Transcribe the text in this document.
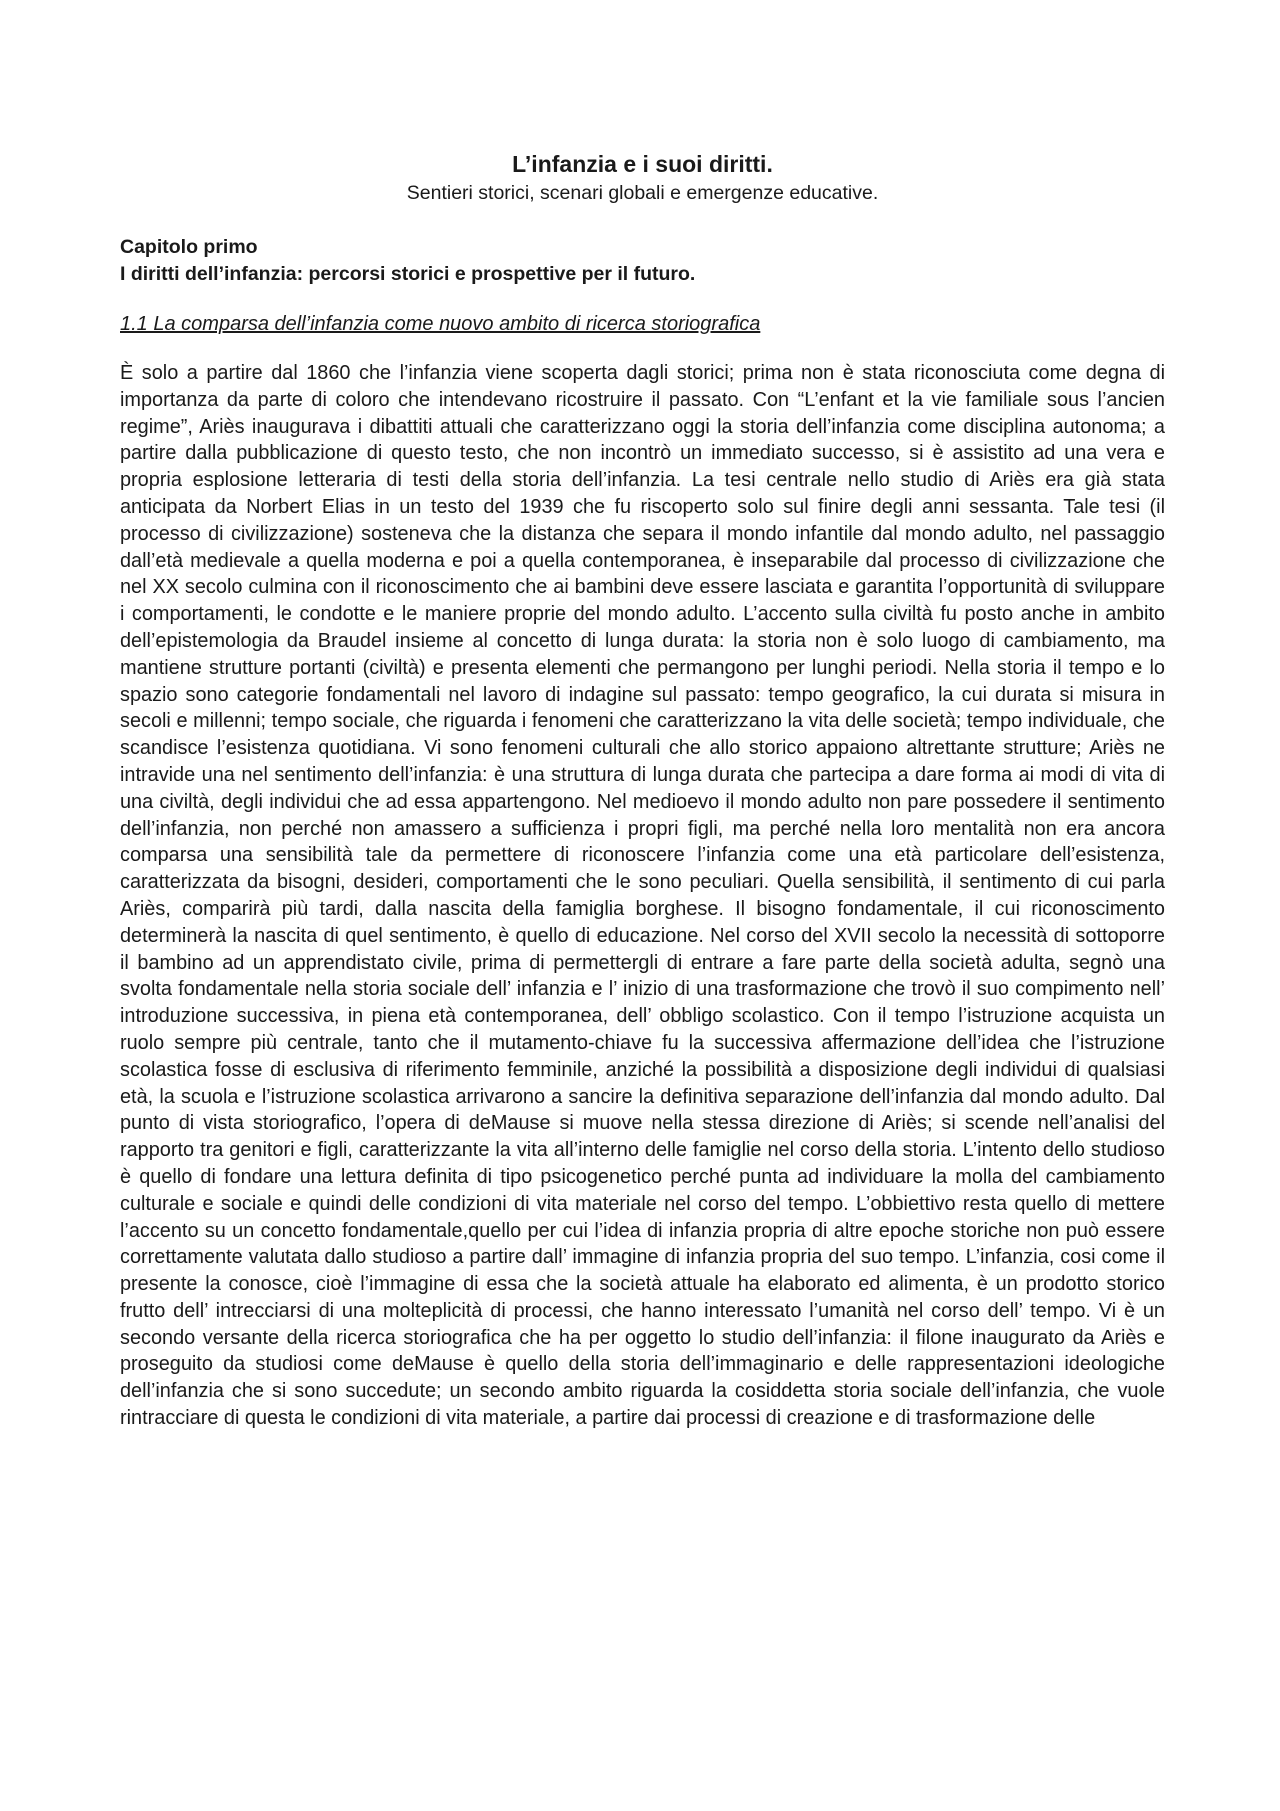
L’infanzia e i suoi diritti.
Sentieri storici, scenari globali e emergenze educative.
Capitolo primo
I diritti dell’infanzia: percorsi storici e prospettive per il futuro.
1.1 La comparsa dell’infanzia come nuovo ambito di ricerca storiografica

È solo a partire dal 1860 che l’infanzia viene scoperta dagli storici; prima non è stata riconosciuta come degna di importanza da parte di coloro che intendevano ricostruire il passato. Con “L’enfant et la vie familiale sous l’ancien regime”, Ariès inaugurava i dibattiti attuali che caratterizzano oggi la storia dell’infanzia come disciplina autonoma; a partire dalla pubblicazione di questo testo, che non incontrò un immediato successo, si è assistito ad una vera e propria esplosione letteraria di testi della storia dell’infanzia. La tesi centrale nello studio di Ariès era già stata anticipata da Norbert Elias in un testo del 1939 che fu riscoperto solo sul finire degli anni sessanta. Tale tesi (il processo di civilizzazione) sosteneva che la distanza che separa il mondo infantile dal mondo adulto, nel passaggio dall’età medievale a quella moderna e poi a quella contemporanea, è inseparabile dal processo di civilizzazione che nel XX secolo culmina con il riconoscimento che ai bambini deve essere lasciata e garantita l’opportunità di sviluppare i comportamenti, le condotte e le maniere proprie del mondo adulto. L’accento sulla civiltà fu posto anche in ambito dell’epistemologia da Braudel insieme al concetto di lunga durata: la storia non è solo luogo di cambiamento, ma mantiene strutture portanti (civiltà) e presenta elementi che permangono per lunghi periodi. Nella storia il tempo e lo spazio sono categorie fondamentali nel lavoro di indagine sul passato: tempo geografico, la cui durata si misura in secoli e millenni; tempo sociale, che riguarda i fenomeni che caratterizzano la vita delle società; tempo individuale, che scandisce l’esistenza quotidiana. Vi sono fenomeni culturali che allo storico appaiono altrettante strutture; Ariès ne intravide una nel sentimento dell’infanzia: è una struttura di lunga durata che partecipa a dare forma ai modi di vita di una civiltà, degli individui che ad essa appartengono. Nel medioevo il mondo adulto non pare possedere il sentimento dell’infanzia, non perché non amassero a sufficienza i propri figli, ma perché nella loro mentalità non era ancora comparsa una sensibilità tale da permettere di riconoscere l’infanzia come una età particolare dell’esistenza, caratterizzata da bisogni, desideri, comportamenti che le sono peculiari. Quella sensibilità, il sentimento di cui parla Ariès, comparirà più tardi, dalla nascita della famiglia borghese. Il bisogno fondamentale, il cui riconoscimento determinerà la nascita di quel sentimento, è quello di educazione. Nel corso del XVII secolo la necessità di sottoporre il bambino ad un apprendistato civile, prima di permettergli di entrare a fare parte della società adulta, segnò una svolta fondamentale nella storia sociale dell’ infanzia e l’ inizio di una trasformazione che trovò il suo compimento nell’ introduzione successiva, in piena età contemporanea, dell’ obbligo scolastico. Con il tempo l’istruzione acquista un ruolo sempre più centrale, tanto che il mutamento-chiave fu la successiva affermazione dell’idea che l’istruzione scolastica fosse di esclusiva di riferimento femminile, anziché la possibilità a disposizione degli individui di qualsiasi età, la scuola e l’istruzione scolastica arrivarono a sancire la definitiva separazione dell’infanzia dal mondo adulto. Dal punto di vista storiografico, l’opera di deMause si muove nella stessa direzione di Ariès; si scende nell’analisi del rapporto tra genitori e figli, caratterizzante la vita all’interno delle famiglie nel corso della storia. L’intento dello studioso è quello di fondare una lettura definita di tipo psicogenetico perché punta ad individuare la molla del cambiamento culturale e sociale e quindi delle condizioni di vita materiale nel corso del tempo. L’obbiettivo resta quello di mettere l’accento su un concetto fondamentale,quello per cui l’idea di infanzia propria di altre epoche storiche non può essere correttamente valutata dallo studioso a partire dall’ immagine di infanzia propria del suo tempo. L’infanzia, cosi come il presente la conosce, cioè l’immagine di essa che la società attuale ha elaborato ed alimenta, è un prodotto storico frutto dell’ intrecciarsi di una molteplicità di processi, che hanno interessato l’umanità nel corso dell’ tempo. Vi è un secondo versante della ricerca storiografica che ha per oggetto lo studio dell’infanzia: il filone inaugurato da Ariès e proseguito da studiosi come deMause è quello della storia dell’immaginario e delle rappresentazioni ideologiche dell’infanzia che si sono succedute; un secondo ambito riguarda la cosiddetta storia sociale dell’infanzia, che vuole rintracciare di questa le condizioni di vita materiale, a partire dai processi di creazione e di trasformazione delle
